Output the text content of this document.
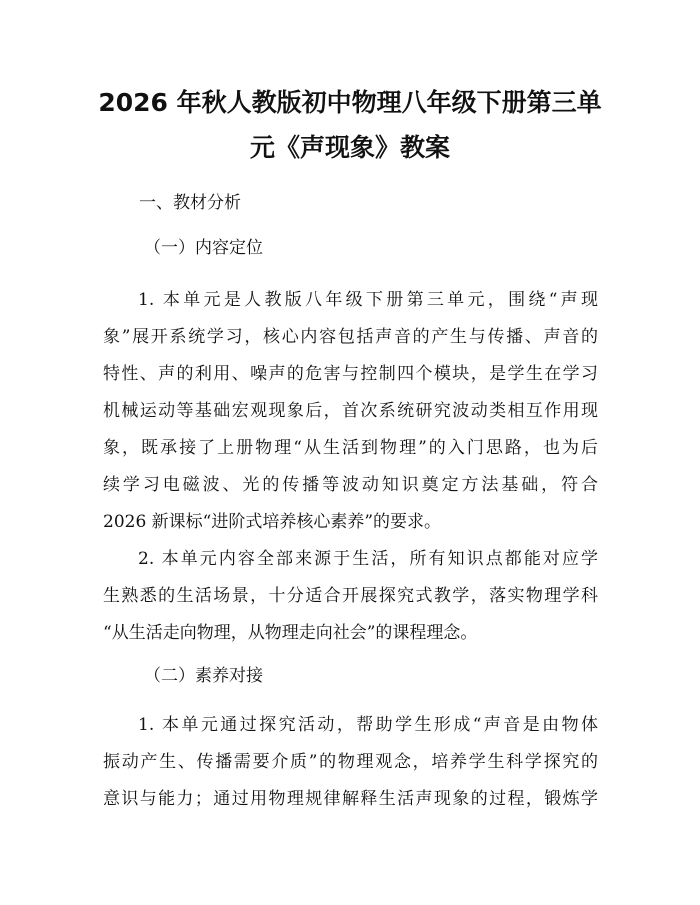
2026 年秋人教版初中物理八年级下册第三单
元《声现象》教案

一、教材分析

（一）内容定位

1. 本单元是人教版八年级下册第三单元，围绕“声现
象”展开系统学习，核心内容包括声音的产生与传播、声音的
特性、声的利用、噪声的危害与控制四个模块，是学生在学习
机械运动等基础宏观现象后，首次系统研究波动类相互作用现
象，既承接了上册物理“从生活到物理”的入门思路，也为后
续学习电磁波、光的传播等波动知识奠定方法基础，符合
2026 新课标“进阶式培养核心素养”的要求。
2. 本单元内容全部来源于生活，所有知识点都能对应学
生熟悉的生活场景，十分适合开展探究式教学，落实物理学科
“从生活走向物理，从物理走向社会”的课程理念。

（二）素养对接

1. 本单元通过探究活动，帮助学生形成“声音是由物体
振动产生、传播需要介质”的物理观念，培养学生科学探究的
意识与能力；通过用物理规律解释生活声现象的过程，锻炼学
